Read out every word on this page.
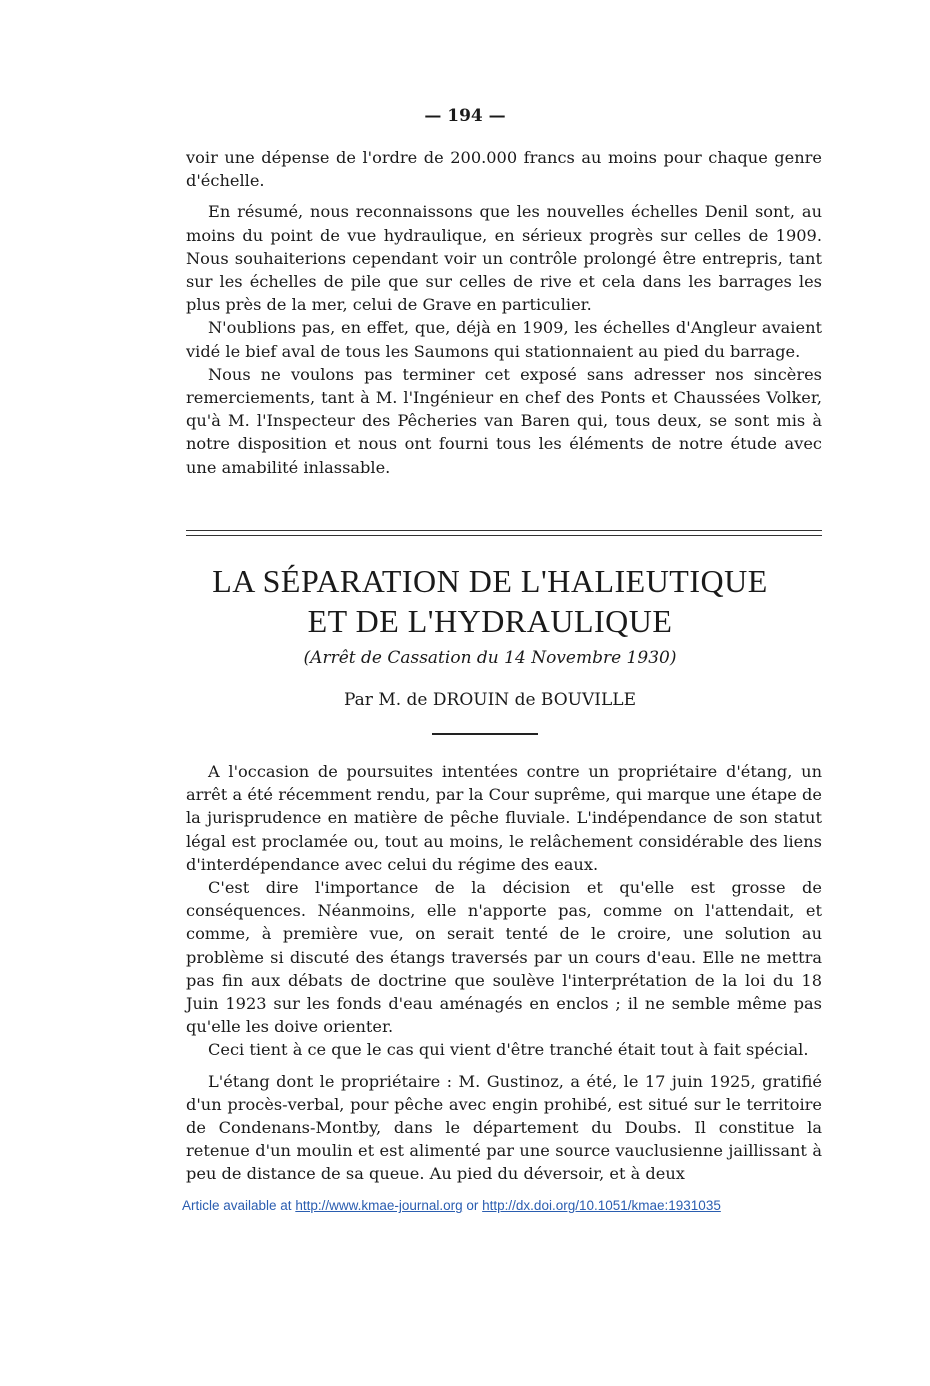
— 194 —

voir une dépense de l'ordre de 200.000 francs au moins pour chaque genre d'échelle.

En résumé, nous reconnaissons que les nouvelles échelles Denil sont, au moins du point de vue hydraulique, en sérieux progrès sur celles de 1909. Nous souhaiterions cependant voir un contrôle prolongé être entrepris, tant sur les échelles de pile que sur celles de rive et cela dans les barrages les plus près de la mer, celui de Grave en particulier.

N'oublions pas, en effet, que, déjà en 1909, les échelles d'Angleur avaient vidé le bief aval de tous les Saumons qui stationnaient au pied du barrage.

Nous ne voulons pas terminer cet exposé sans adresser nos sincères remerciements, tant à M. l'Ingénieur en chef des Ponts et Chaussées Volker, qu'à M. l'Inspecteur des Pêcheries van Baren qui, tous deux, se sont mis à notre disposition et nous ont fourni tous les éléments de notre étude avec une amabilité inlassable.

LA SÉPARATION DE L'HALIEUTIQUE
ET DE L'HYDRAULIQUE
(Arrêt de Cassation du 14 Novembre 1930)
Par M. de DROUIN de BOUVILLE

A l'occasion de poursuites intentées contre un propriétaire d'étang, un arrêt a été récemment rendu, par la Cour suprême, qui marque une étape de la jurisprudence en matière de pêche fluviale. L'indépendance de son statut légal est proclamée ou, tout au moins, le relâchement considérable des liens d'interdépendance avec celui du régime des eaux.

C'est dire l'importance de la décision et qu'elle est grosse de conséquences. Néanmoins, elle n'apporte pas, comme on l'attendait, et comme, à première vue, on serait tenté de le croire, une solution au problème si discuté des étangs traversés par un cours d'eau. Elle ne mettra pas fin aux débats de doctrine que soulève l'interprétation de la loi du 18 Juin 1923 sur les fonds d'eau aménagés en enclos ; il ne semble même pas qu'elle les doive orienter.

Ceci tient à ce que le cas qui vient d'être tranché était tout à fait spécial.

L'étang dont le propriétaire : M. Gustinoz, a été, le 17 juin 1925, gratifié d'un procès-verbal, pour pêche avec engin prohibé, est situé sur le territoire de Condenans-Montby, dans le département du Doubs. Il constitue la retenue d'un moulin et est alimenté par une source vauclusienne jaillissant à peu de distance de sa queue. Au pied du déversoir, et à deux

Article available at http://www.kmae-journal.org or http://dx.doi.org/10.1051/kmae:1931035
